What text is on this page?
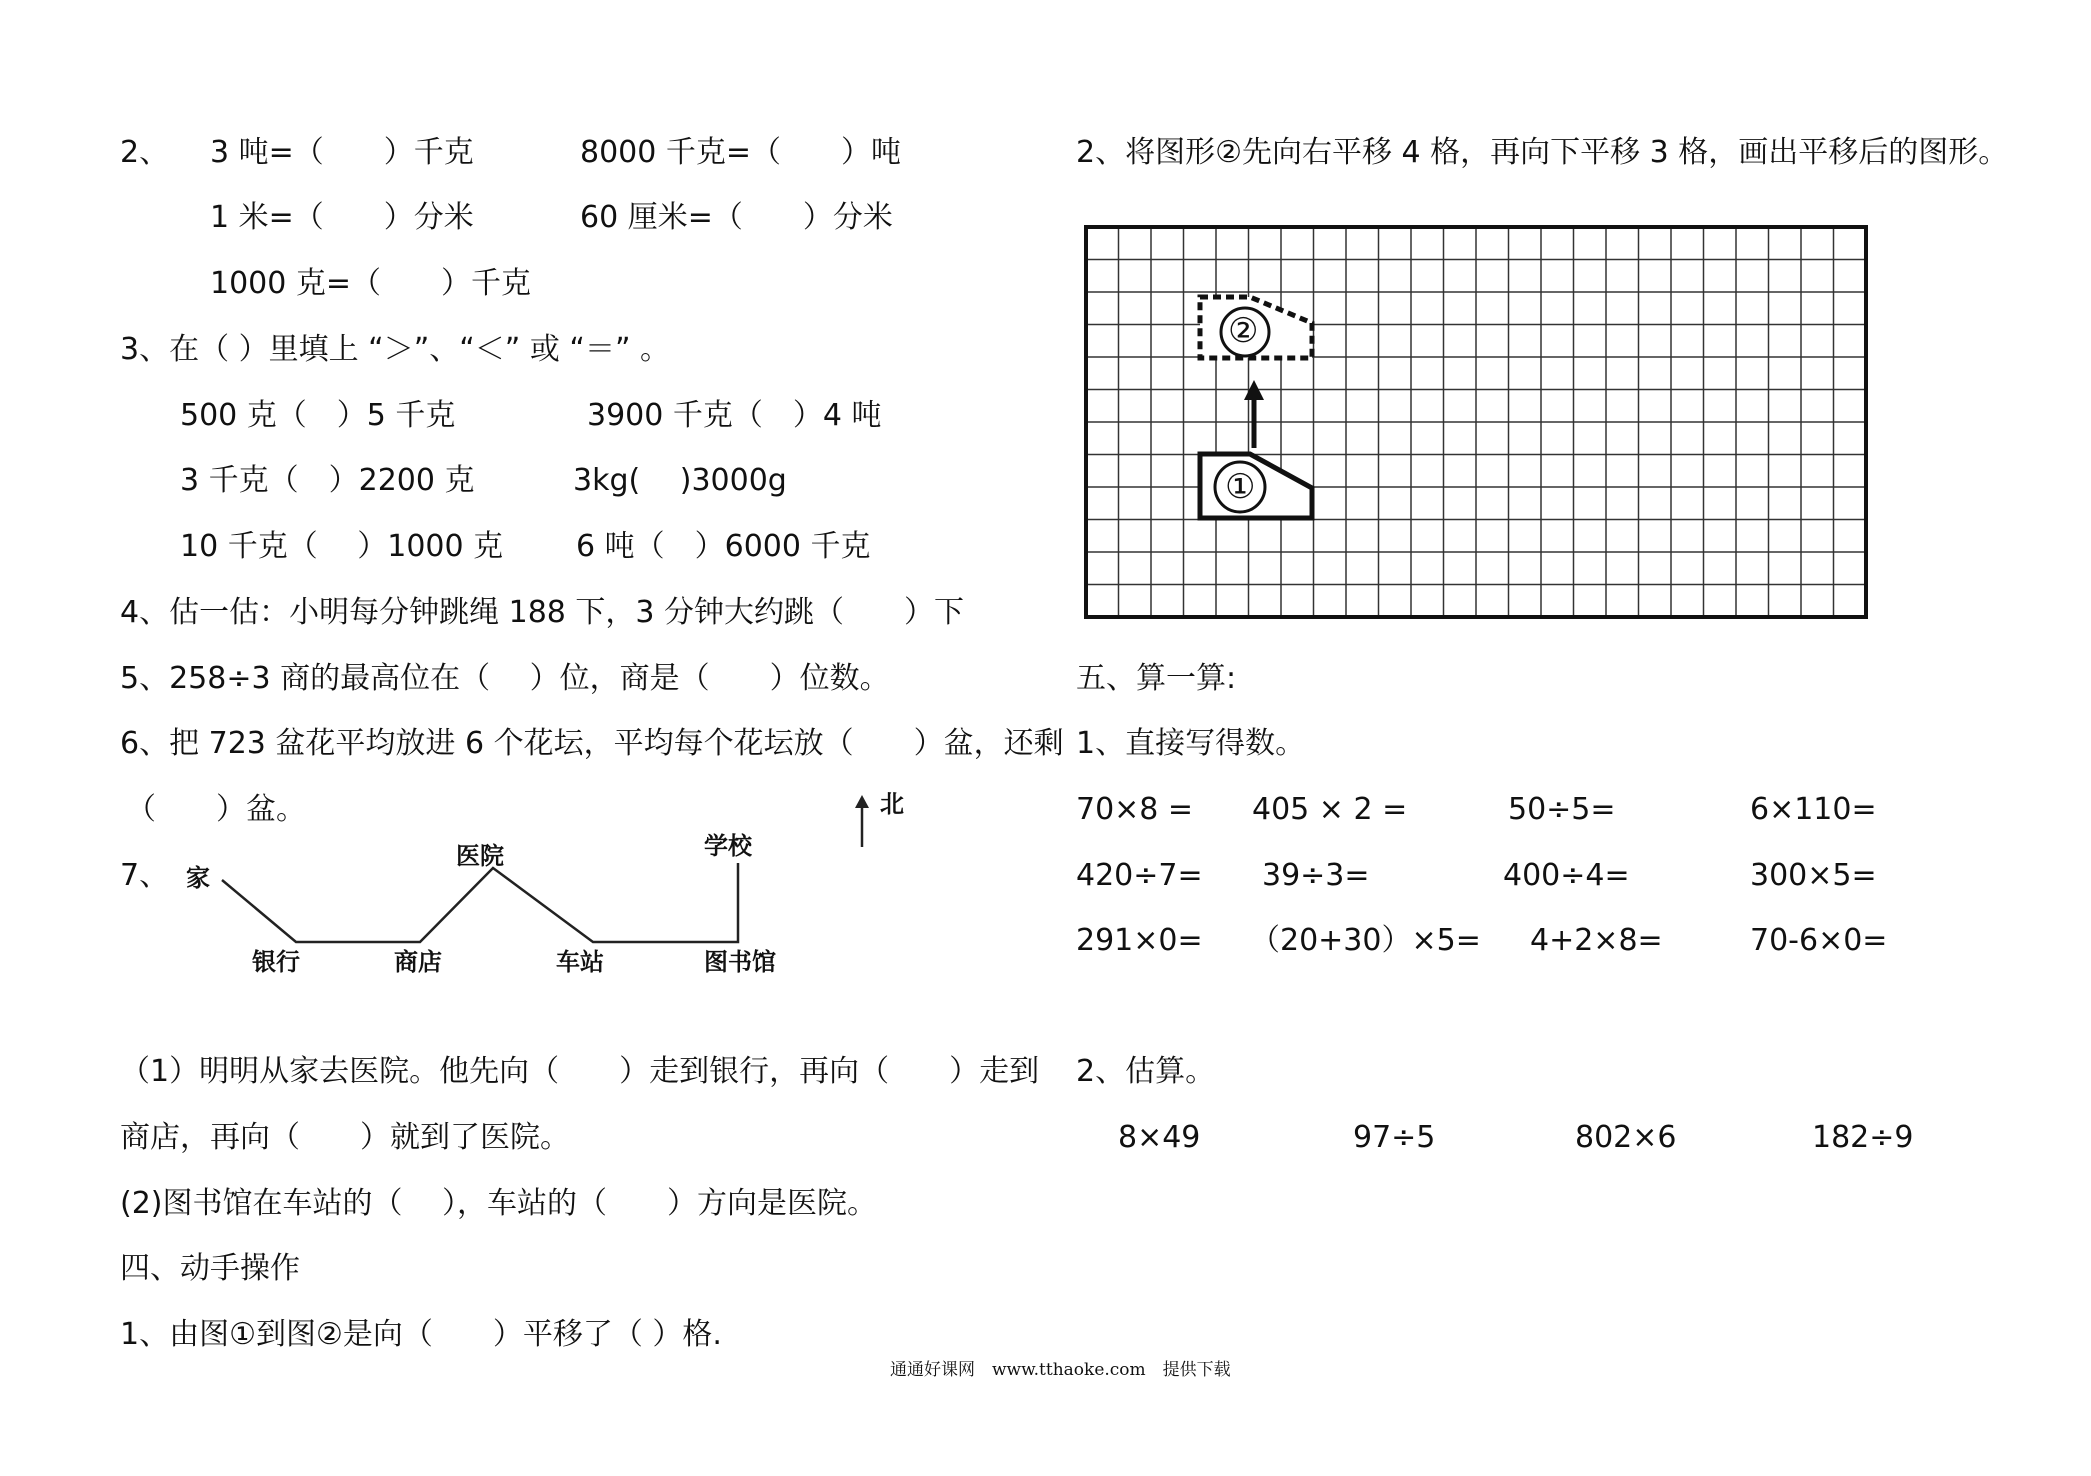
2、 3 吨=（　　）千克	8000 千克=（　　）吨
1 米=（　　）分米	60 厘米=（　　）分米
1000 克=（　　）千克
3、在（ ）里填上 “＞”、“＜” 或 “＝” 。
500 克（　）5 千克	3900 千克（　）4 吨
3 千克（　）2200 克	3kg(　 )3000g
10 千克（　 ）1000 克 6 吨（　）6000 千克
4、估一估：小明每分钟跳绳 188 下，3 分钟大约跳（　　）下
5、258÷3 商的最高位在（　 ）位，商是（　　）位数。
6、把 723 盆花平均放进 6 个花坛，平均每个花坛放（　　）盆，还剩
（　　）盆。
7、 家
医院	学校
银行	商店	车站	图书馆
北
（1）明明从家去医院。他先向（　　）走到银行，再向（　　）走到
商店，再向（　　）就到了医院。
(2)图书馆在车站的（　 ），车站的（　　）方向是医院。
四、动手操作
1、由图①到图②是向（　　）平移了（ ）格.
2、将图形②先向右平移 4 格，再向下平移 3 格，画出平移后的图形。
①
②
五、算一算:
1、直接写得数。
70×8 = 405 × 2 =	50÷5=	6×110=
420÷7= 39÷3=	400÷4=	300×5=
291×0= （20+30）×5= 4+2×8=	70-6×0=
2、估算。
8×49	97÷5	802×6	182÷9
通通好课网　www.tthaoke.com　提供下载
